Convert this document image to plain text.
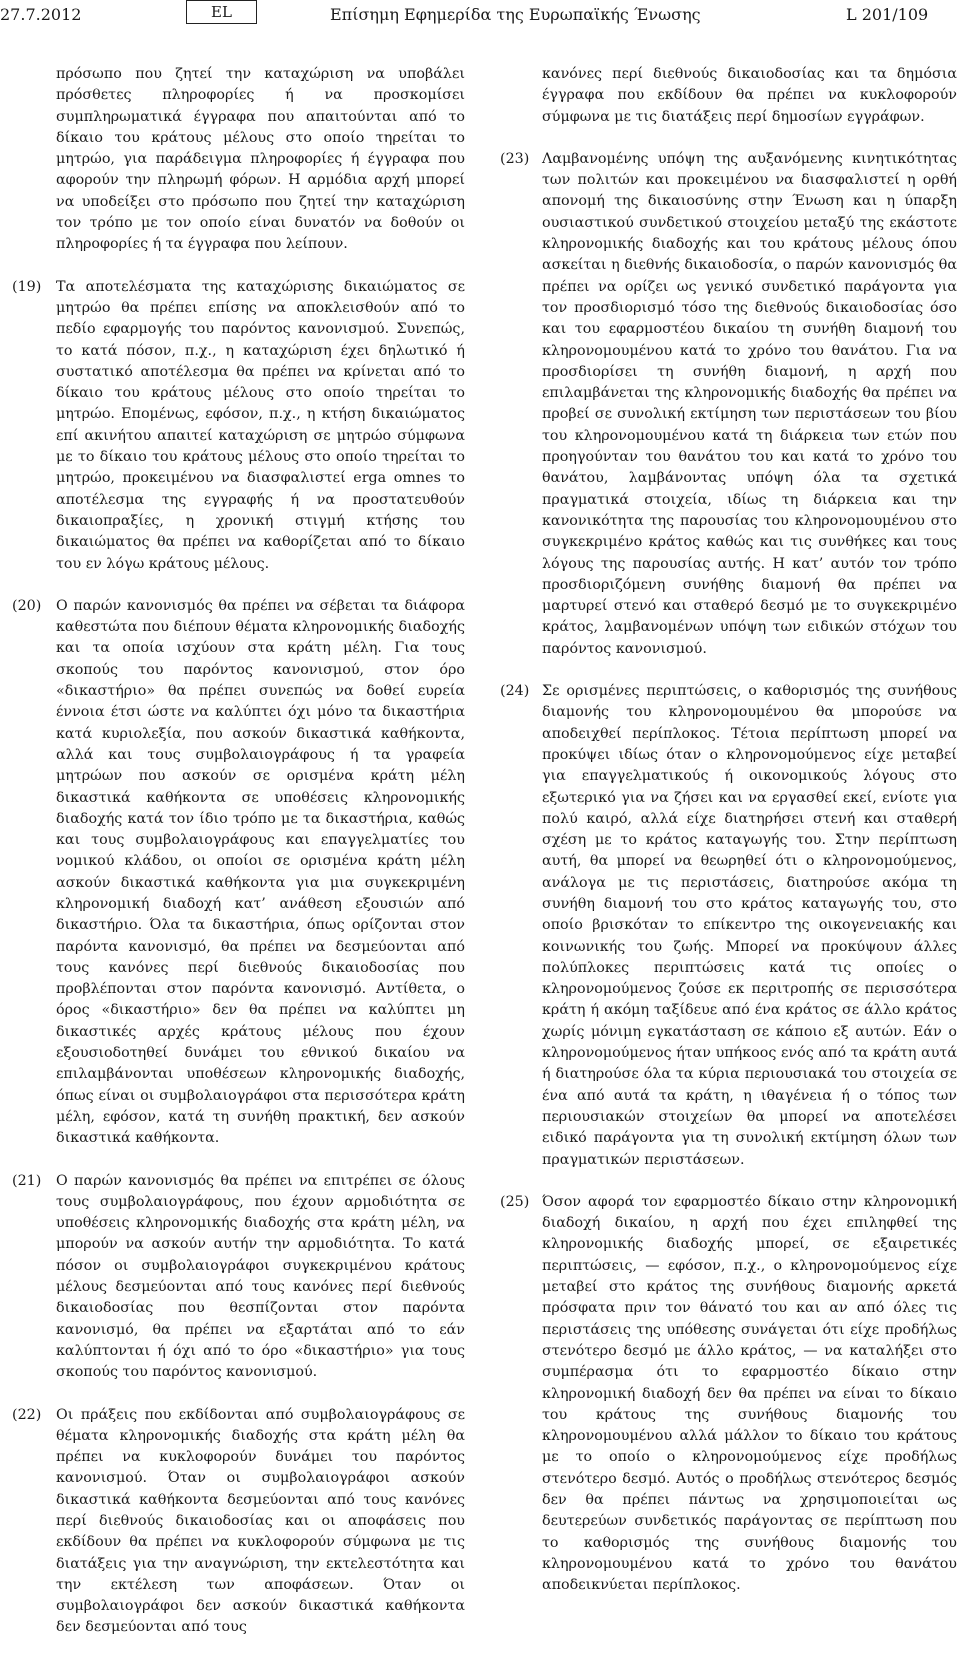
27.7.2012	EL	Επίσημη Εφημερίδα της Ευρωπαϊκής Ένωσης	L 201/109
πρόσωπο που ζητεί την καταχώριση να υποβάλει πρόσθετες πληροφορίες ή να προσκομίσει συμπληρωματικά έγγραφα που απαιτούνται από το δίκαιο του κράτους μέλους στο οποίο τηρείται το μητρώο, για παράδειγμα πληροφορίες ή έγγραφα που αφορούν την πληρωμή φόρων. Η αρμόδια αρχή μπορεί να υποδείξει στο πρόσωπο που ζητεί την καταχώριση τον τρόπο με τον οποίο είναι δυνατόν να δοθούν οι πληροφορίες ή τα έγγραφα που λείπουν.
(19) Τα αποτελέσματα της καταχώρισης δικαιώματος σε μητρώο θα πρέπει επίσης να αποκλεισθούν από το πεδίο εφαρμογής του παρόντος κανονισμού. Συνεπώς, το κατά πόσον, π.χ., η καταχώριση έχει δηλωτικό ή συστατικό αποτέλεσμα θα πρέπει να κρίνεται από το δίκαιο του κράτους μέλους στο οποίο τηρείται το μητρώο. Επομένως, εφόσον, π.χ., η κτήση δικαιώματος επί ακινήτου απαιτεί καταχώριση σε μητρώο σύμφωνα με το δίκαιο του κράτους μέλους στο οποίο τηρείται το μητρώο, προκειμένου να διασφαλιστεί erga omnes το αποτέλεσμα της εγγραφής ή να προστατευθούν δικαιοπραξίες, η χρονική στιγμή κτήσης του δικαιώματος θα πρέπει να καθορίζεται από το δίκαιο του εν λόγω κράτους μέλους.
(20) Ο παρών κανονισμός θα πρέπει να σέβεται τα διάφορα καθεστώτα που διέπουν θέματα κληρονομικής διαδοχής και τα οποία ισχύουν στα κράτη μέλη. Για τους σκοπούς του παρόντος κανονισμού, στον όρο «δικαστήριο» θα πρέπει συνεπώς να δοθεί ευρεία έννοια έτσι ώστε να καλύπτει όχι μόνο τα δικαστήρια κατά κυριολεξία, που ασκούν δικαστικά καθήκοντα, αλλά και τους συμβολαιογράφους ή τα γραφεία μητρώων που ασκούν σε ορισμένα κράτη μέλη δικαστικά καθήκοντα σε υποθέσεις κληρονομικής διαδοχής κατά τον ίδιο τρόπο με τα δικαστήρια, καθώς και τους συμβολαιογράφους και επαγγελματίες του νομικού κλάδου, οι οποίοι σε ορισμένα κράτη μέλη ασκούν δικαστικά καθήκοντα για μια συγκεκριμένη κληρονομική διαδοχή κατ’ ανάθεση εξουσιών από δικαστήριο. Όλα τα δικαστήρια, όπως ορίζονται στον παρόντα κανονισμό, θα πρέπει να δεσμεύονται από τους κανόνες περί διεθνούς δικαιοδοσίας που προβλέπονται στον παρόντα κανονισμό. Αντίθετα, ο όρος «δικαστήριο» δεν θα πρέπει να καλύπτει μη δικαστικές αρχές κράτους μέλους που έχουν εξουσιοδοτηθεί δυνάμει του εθνικού δικαίου να επιλαμβάνονται υποθέσεων κληρονομικής διαδοχής, όπως είναι οι συμβολαιογράφοι στα περισσότερα κράτη μέλη, εφόσον, κατά τη συνήθη πρακτική, δεν ασκούν δικαστικά καθήκοντα.
(21) Ο παρών κανονισμός θα πρέπει να επιτρέπει σε όλους τους συμβολαιογράφους, που έχουν αρμοδιότητα σε υποθέσεις κληρονομικής διαδοχής στα κράτη μέλη, να μπορούν να ασκούν αυτήν την αρμοδιότητα. Το κατά πόσον οι συμβολαιογράφοι συγκεκριμένου κράτους μέλους δεσμεύονται από τους κανόνες περί διεθνούς δικαιοδοσίας που θεσπίζονται στον παρόντα κανονισμό, θα πρέπει να εξαρτάται από το εάν καλύπτονται ή όχι από το όρο «δικαστήριο» για τους σκοπούς του παρόντος κανονισμού.
(22) Οι πράξεις που εκδίδονται από συμβολαιογράφους σε θέματα κληρονομικής διαδοχής στα κράτη μέλη θα πρέπει να κυκλοφορούν δυνάμει του παρόντος κανονισμού. Όταν οι συμβολαιογράφοι ασκούν δικαστικά καθήκοντα δεσμεύονται από τους κανόνες περί διεθνούς δικαιοδοσίας και οι αποφάσεις που εκδίδουν θα πρέπει να κυκλοφορούν σύμφωνα με τις διατάξεις για την αναγνώριση, την εκτελεστότητα και την εκτέλεση των αποφάσεων. Όταν οι συμβολαιογράφοι δεν ασκούν δικαστικά καθήκοντα δεν δεσμεύονται από τους
κανόνες περί διεθνούς δικαιοδοσίας και τα δημόσια έγγραφα που εκδίδουν θα πρέπει να κυκλοφορούν σύμφωνα με τις διατάξεις περί δημοσίων εγγράφων.
(23) Λαμβανομένης υπόψη της αυξανόμενης κινητικότητας των πολιτών και προκειμένου να διασφαλιστεί η ορθή απονομή της δικαιοσύνης στην Ένωση και η ύπαρξη ουσιαστικού συνδετικού στοιχείου μεταξύ της εκάστοτε κληρονομικής διαδοχής και του κράτους μέλους όπου ασκείται η διεθνής δικαιοδοσία, ο παρών κανονισμός θα πρέπει να ορίζει ως γενικό συνδετικό παράγοντα για τον προσδιορισμό τόσο της διεθνούς δικαιοδοσίας όσο και του εφαρμοστέου δικαίου τη συνήθη διαμονή του κληρονομουμένου κατά το χρόνο του θανάτου. Για να προσδιορίσει τη συνήθη διαμονή, η αρχή που επιλαμβάνεται της κληρονομικής διαδοχής θα πρέπει να προβεί σε συνολική εκτίμηση των περιστάσεων του βίου του κληρονομουμένου κατά τη διάρκεια των ετών που προηγούνταν του θανάτου του και κατά το χρόνο του θανάτου, λαμβάνοντας υπόψη όλα τα σχετικά πραγματικά στοιχεία, ιδίως τη διάρκεια και την κανονικότητα της παρουσίας του κληρονομουμένου στο συγκεκριμένο κράτος καθώς και τις συνθήκες και τους λόγους της παρουσίας αυτής. Η κατ’ αυτόν τον τρόπο προσδιοριζόμενη συνήθης διαμονή θα πρέπει να μαρτυρεί στενό και σταθερό δεσμό με το συγκεκριμένο κράτος, λαμβανομένων υπόψη των ειδικών στόχων του παρόντος κανονισμού.
(24) Σε ορισμένες περιπτώσεις, ο καθορισμός της συνήθους διαμονής του κληρονομουμένου θα μπορούσε να αποδειχθεί περίπλοκος. Τέτοια περίπτωση μπορεί να προκύψει ιδίως όταν ο κληρονομούμενος είχε μεταβεί για επαγγελματικούς ή οικονομικούς λόγους στο εξωτερικό για να ζήσει και να εργασθεί εκεί, ενίοτε για πολύ καιρό, αλλά είχε διατηρήσει στενή και σταθερή σχέση με το κράτος καταγωγής του. Στην περίπτωση αυτή, θα μπορεί να θεωρηθεί ότι ο κληρονομούμενος, ανάλογα με τις περιστάσεις, διατηρούσε ακόμα τη συνήθη διαμονή του στο κράτος καταγωγής του, στο οποίο βρισκόταν το επίκεντρο της οικογενειακής και κοινωνικής του ζωής. Μπορεί να προκύψουν άλλες πολύπλοκες περιπτώσεις κατά τις οποίες ο κληρονομούμενος ζούσε εκ περιτροπής σε περισσότερα κράτη ή ακόμη ταξίδευε από ένα κράτος σε άλλο κράτος χωρίς μόνιμη εγκατάσταση σε κάποιο εξ αυτών. Εάν ο κληρονομούμενος ήταν υπήκοος ενός από τα κράτη αυτά ή διατηρούσε όλα τα κύρια περιουσιακά του στοιχεία σε ένα από αυτά τα κράτη, η ιθαγένεια ή ο τόπος των περιουσιακών στοιχείων θα μπορεί να αποτελέσει ειδικό παράγοντα για τη συνολική εκτίμηση όλων των πραγματικών περιστάσεων.
(25) Όσον αφορά τον εφαρμοστέο δίκαιο στην κληρονομική διαδοχή δικαίου, η αρχή που έχει επιληφθεί της κληρονομικής διαδοχής μπορεί, σε εξαιρετικές περιπτώσεις, — εφόσον, π.χ., ο κληρονομούμενος είχε μεταβεί στο κράτος της συνήθους διαμονής αρκετά πρόσφατα πριν τον θάνατό του και αν από όλες τις περιστάσεις της υπόθεσης συνάγεται ότι είχε προδήλως στενότερο δεσμό με άλλο κράτος, — να καταλήξει στο συμπέρασμα ότι το εφαρμοστέο δίκαιο στην κληρονομική διαδοχή δεν θα πρέπει να είναι το δίκαιο του κράτους της συνήθους διαμονής του κληρονομουμένου αλλά μάλλον το δίκαιο του κράτους με το οποίο ο κληρονομούμενος είχε προδήλως στενότερο δεσμό. Αυτός ο προδήλως στενότερος δεσμός δεν θα πρέπει πάντως να χρησιμοποιείται ως δευτερεύων συνδετικός παράγοντας σε περίπτωση που το καθορισμός της συνήθους διαμονής του κληρονομουμένου κατά το χρόνο του θανάτου αποδεικνύεται περίπλοκος.
